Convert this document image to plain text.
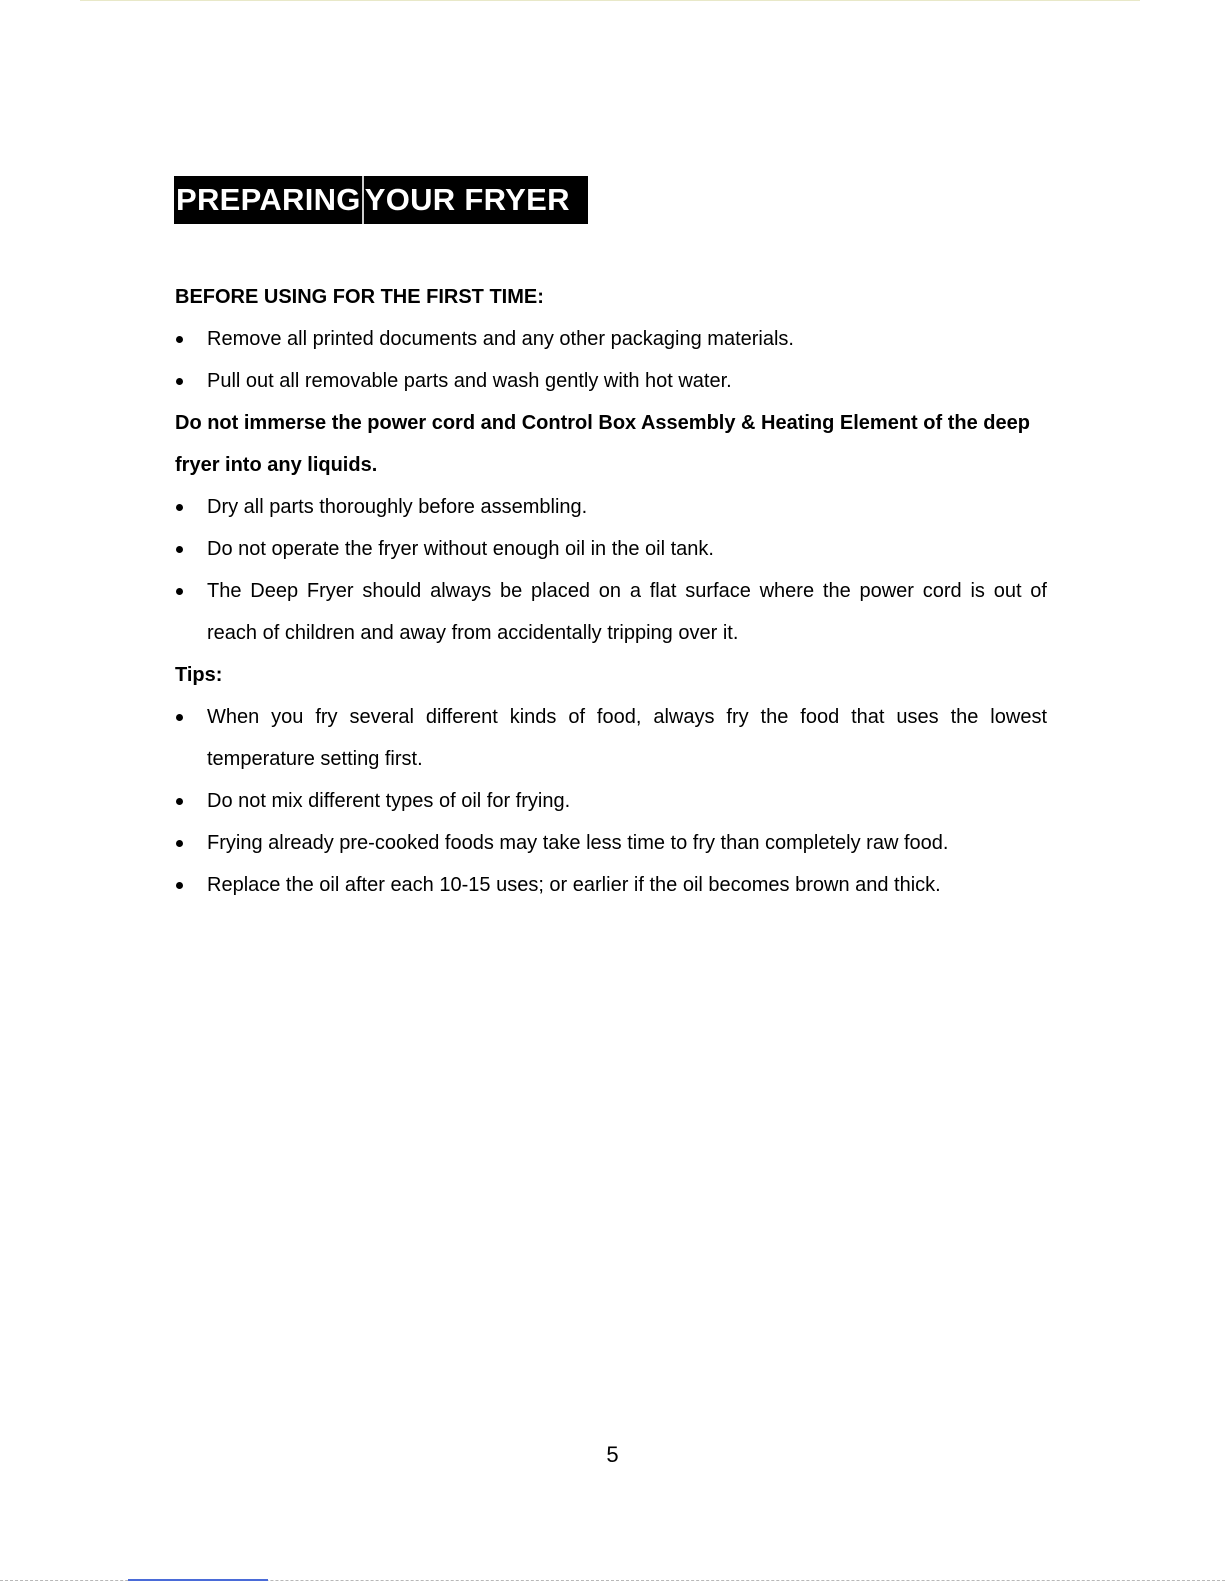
PREPARING YOUR FRYER

BEFORE USING FOR THE FIRST TIME:

Remove all printed documents and any other packaging materials.
Pull out all removable parts and wash gently with hot water.

Do not immerse the power cord and Control Box Assembly & Heating Element of the deep fryer into any liquids.

Dry all parts thoroughly before assembling.
Do not operate the fryer without enough oil in the oil tank.
The Deep Fryer should always be placed on a flat surface where the power cord is out of reach of children and away from accidentally tripping over it.

Tips:

When you fry several different kinds of food, always fry the food that uses the lowest temperature setting first.
Do not mix different types of oil for frying.
Frying already pre-cooked foods may take less time to fry than completely raw food.
Replace the oil after each 10-15 uses; or earlier if the oil becomes brown and thick.
5
